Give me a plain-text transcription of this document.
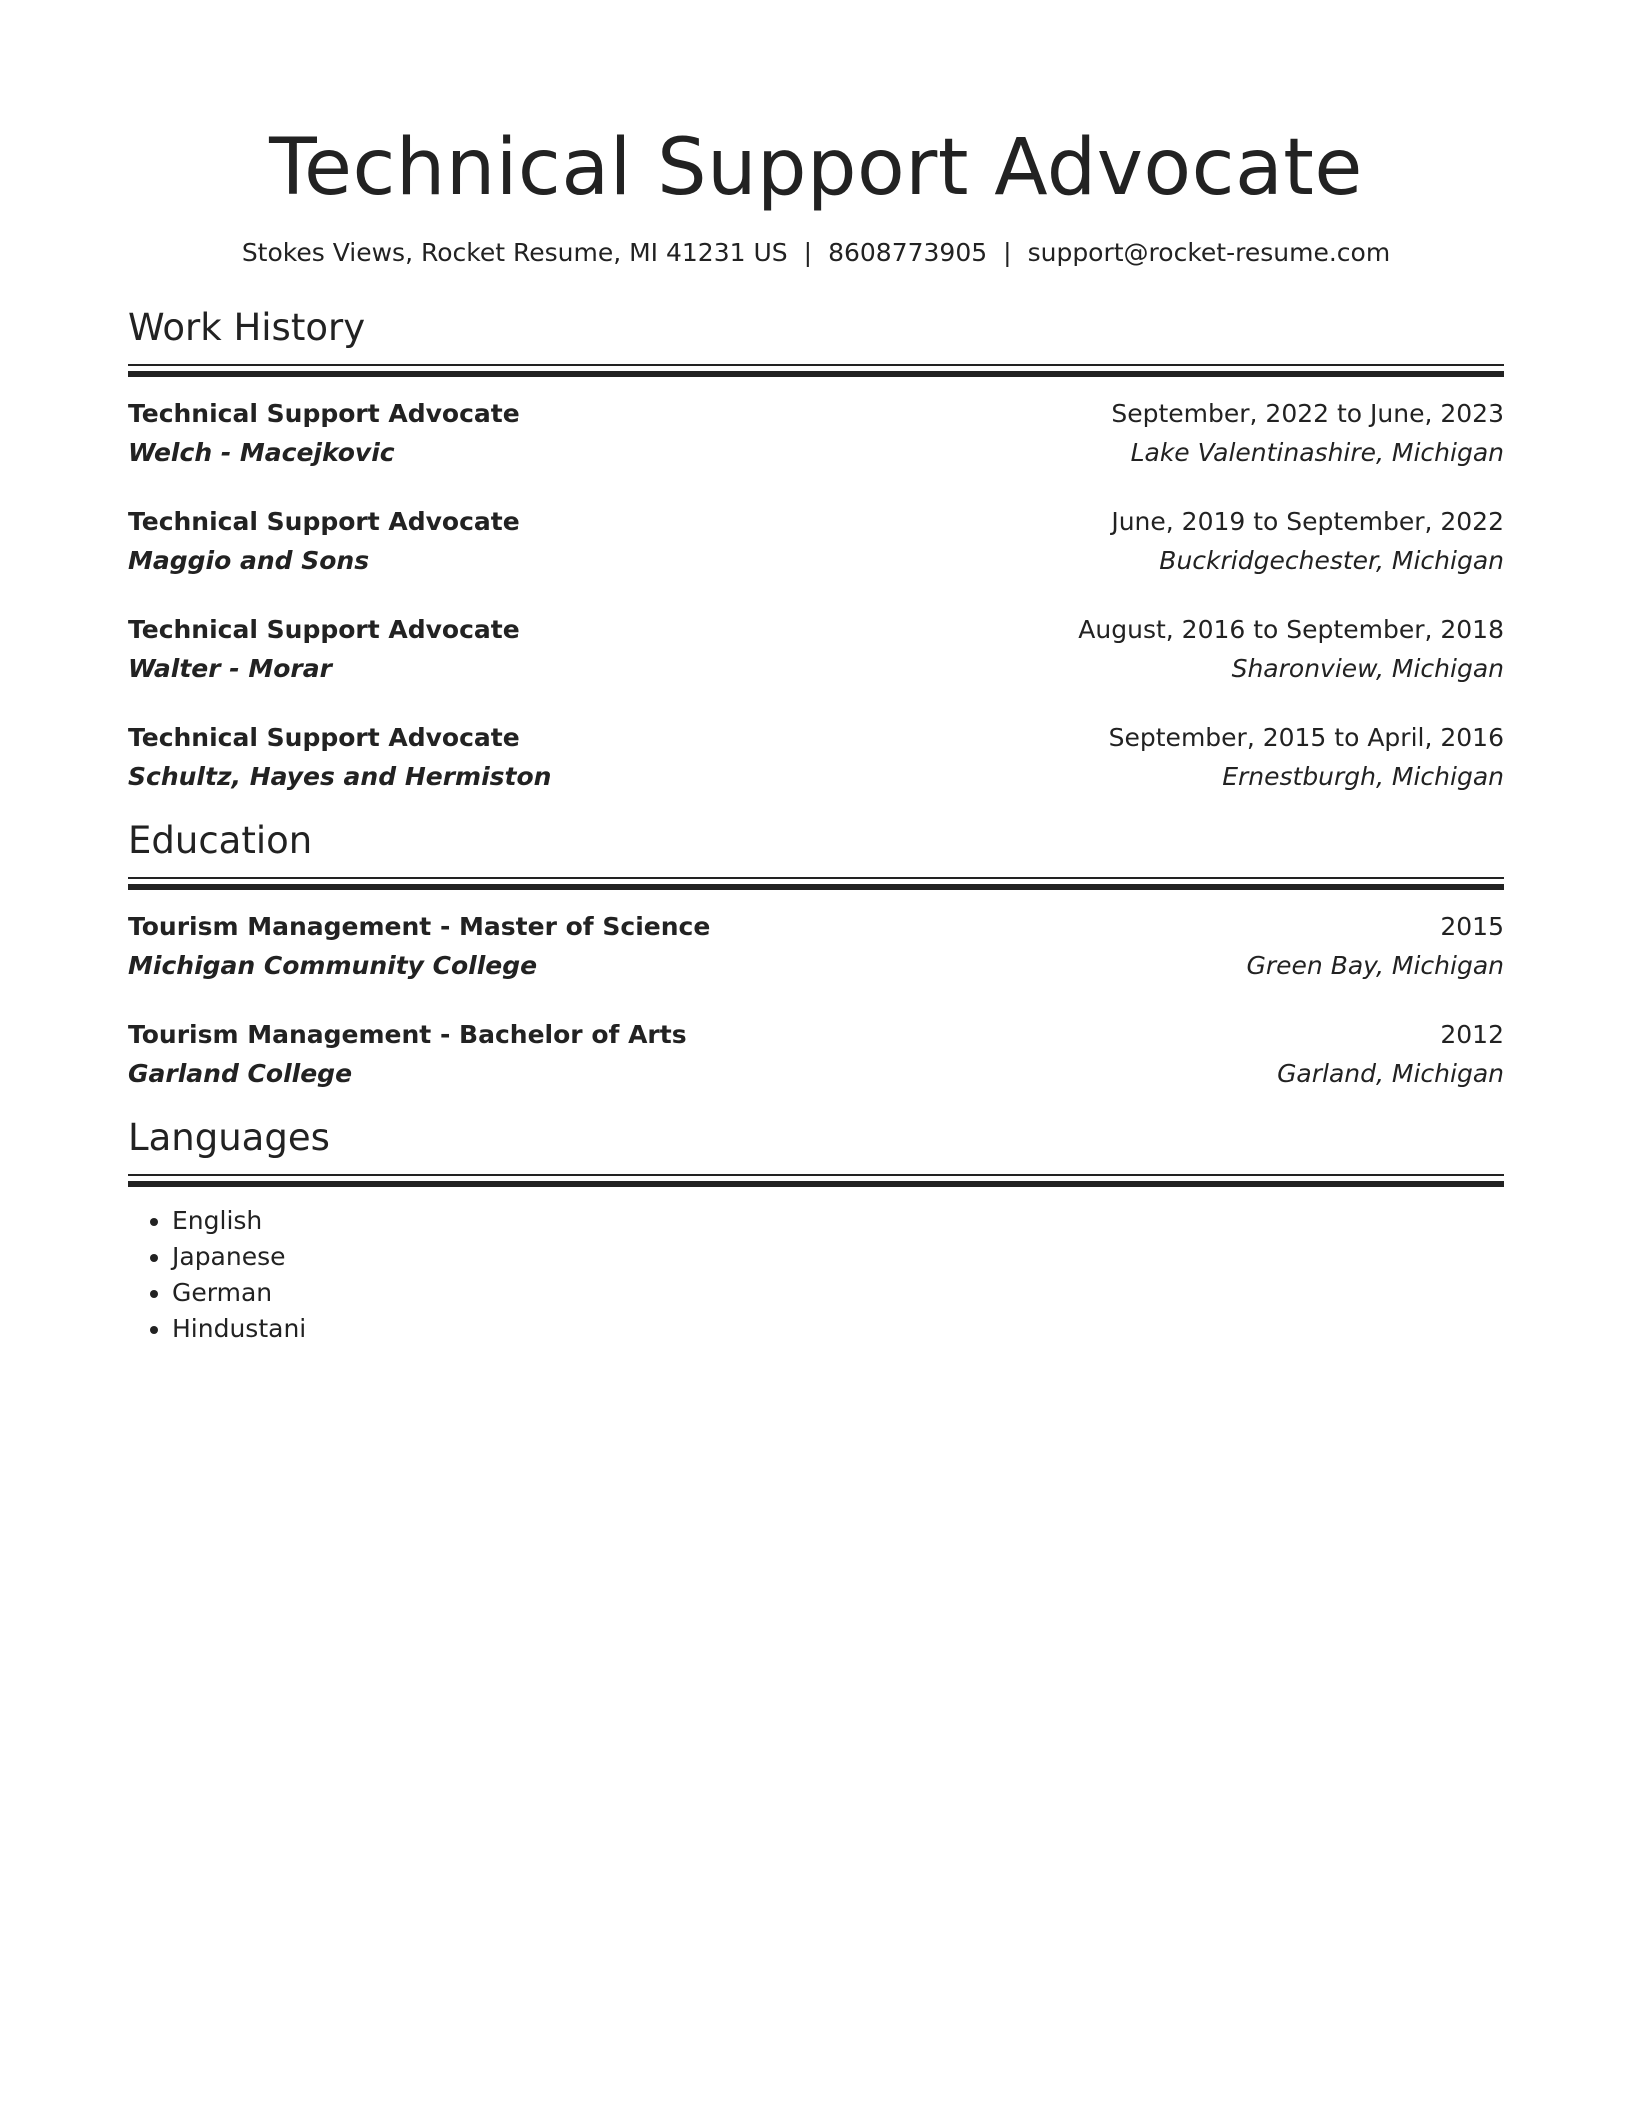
Technical Support Advocate
Stokes Views, Rocket Resume, MI 41231 US | 8608773905 | support@rocket-resume.com
Work History
Technical Support Advocate	September, 2022 to June, 2023
Welch - Macejkovic	Lake Valentinashire, Michigan
Technical Support Advocate	June, 2019 to September, 2022
Maggio and Sons	Buckridgechester, Michigan
Technical Support Advocate	August, 2016 to September, 2018
Walter - Morar	Sharonview, Michigan
Technical Support Advocate	September, 2015 to April, 2016
Schultz, Hayes and Hermiston	Ernestburgh, Michigan
Education
Tourism Management - Master of Science	2015
Michigan Community College	Green Bay, Michigan
Tourism Management - Bachelor of Arts	2012
Garland College	Garland, Michigan
Languages
• English
• Japanese
• German
• Hindustani
